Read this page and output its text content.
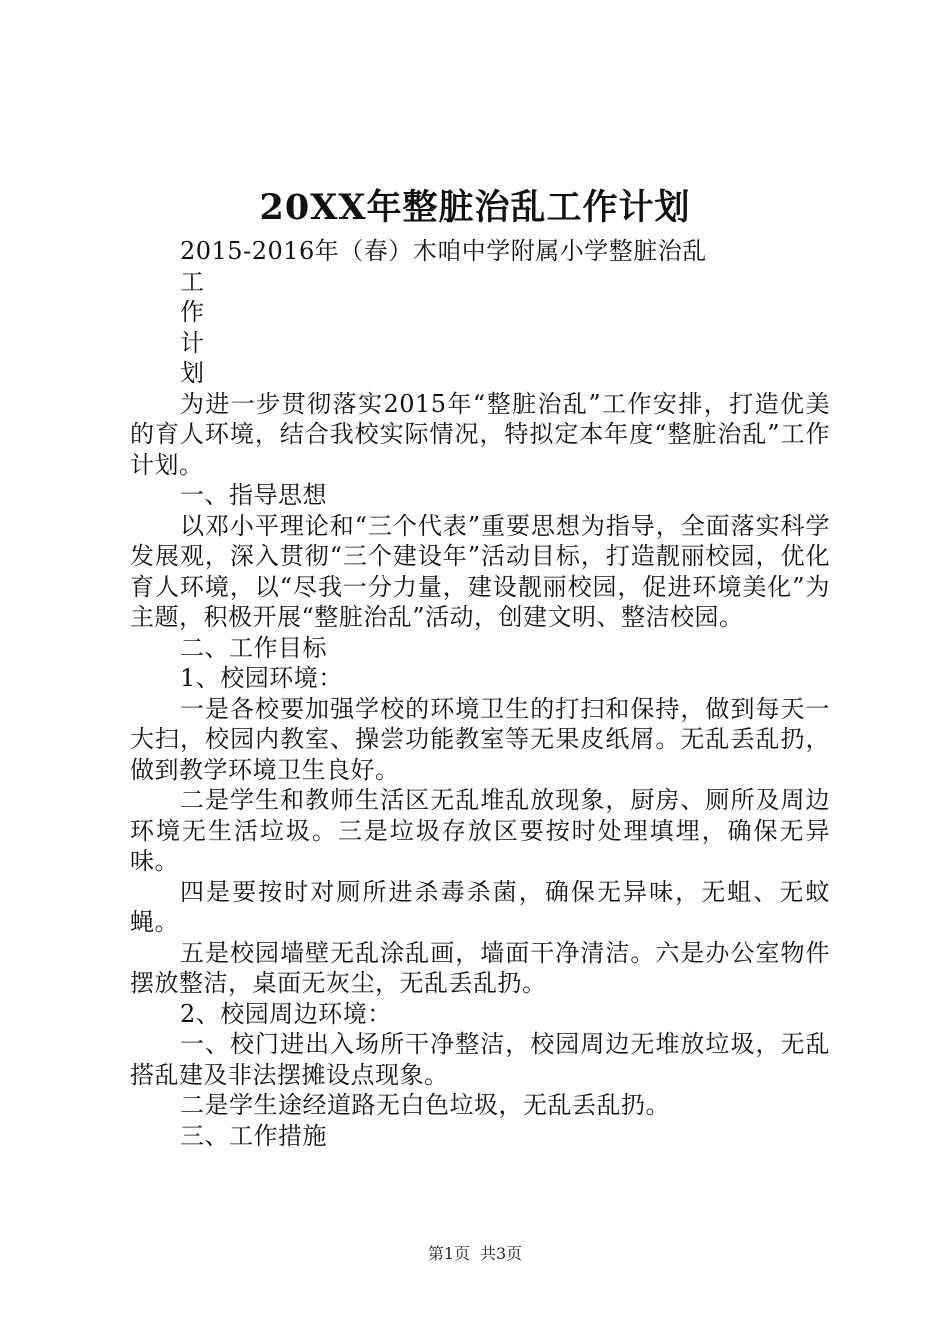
20XX年整脏治乱工作计划

2015-2016年（春）木咱中学附属小学整脏治乱

工

作

计

划

为进一步贯彻落实2015年“整脏治乱”工作安排，打造优美的育人环境，结合我校实际情况，特拟定本年度“整脏治乱”工作计划。

一、指导思想

以邓小平理论和“三个代表”重要思想为指导，全面落实科学发展观，深入贯彻“三个建设年”活动目标，打造靓丽校园，优化育人环境，以“尽我一分力量，建设靓丽校园，促进环境美化”为主题，积极开展“整脏治乱”活动，创建文明、整洁校园。

二、工作目标

1、校园环境：

一是各校要加强学校的环境卫生的打扫和保持，做到每天一大扫，校园内教室、操尝功能教室等无果皮纸屑。无乱丢乱扔，做到教学环境卫生良好。

二是学生和教师生活区无乱堆乱放现象，厨房、厕所及周边环境无生活垃圾。三是垃圾存放区要按时处理填埋，确保无异味。

四是要按时对厕所进杀毒杀菌，确保无异味，无蛆、无蚊蝇。

五是校园墙壁无乱涂乱画，墙面干净清洁。六是办公室物件摆放整洁，桌面无灰尘，无乱丢乱扔。

2、校园周边环境：

一、校门进出入场所干净整洁，校园周边无堆放垃圾，无乱搭乱建及非法摆摊设点现象。

二是学生途经道路无白色垃圾，无乱丢乱扔。

三、工作措施

第1页 共3页
